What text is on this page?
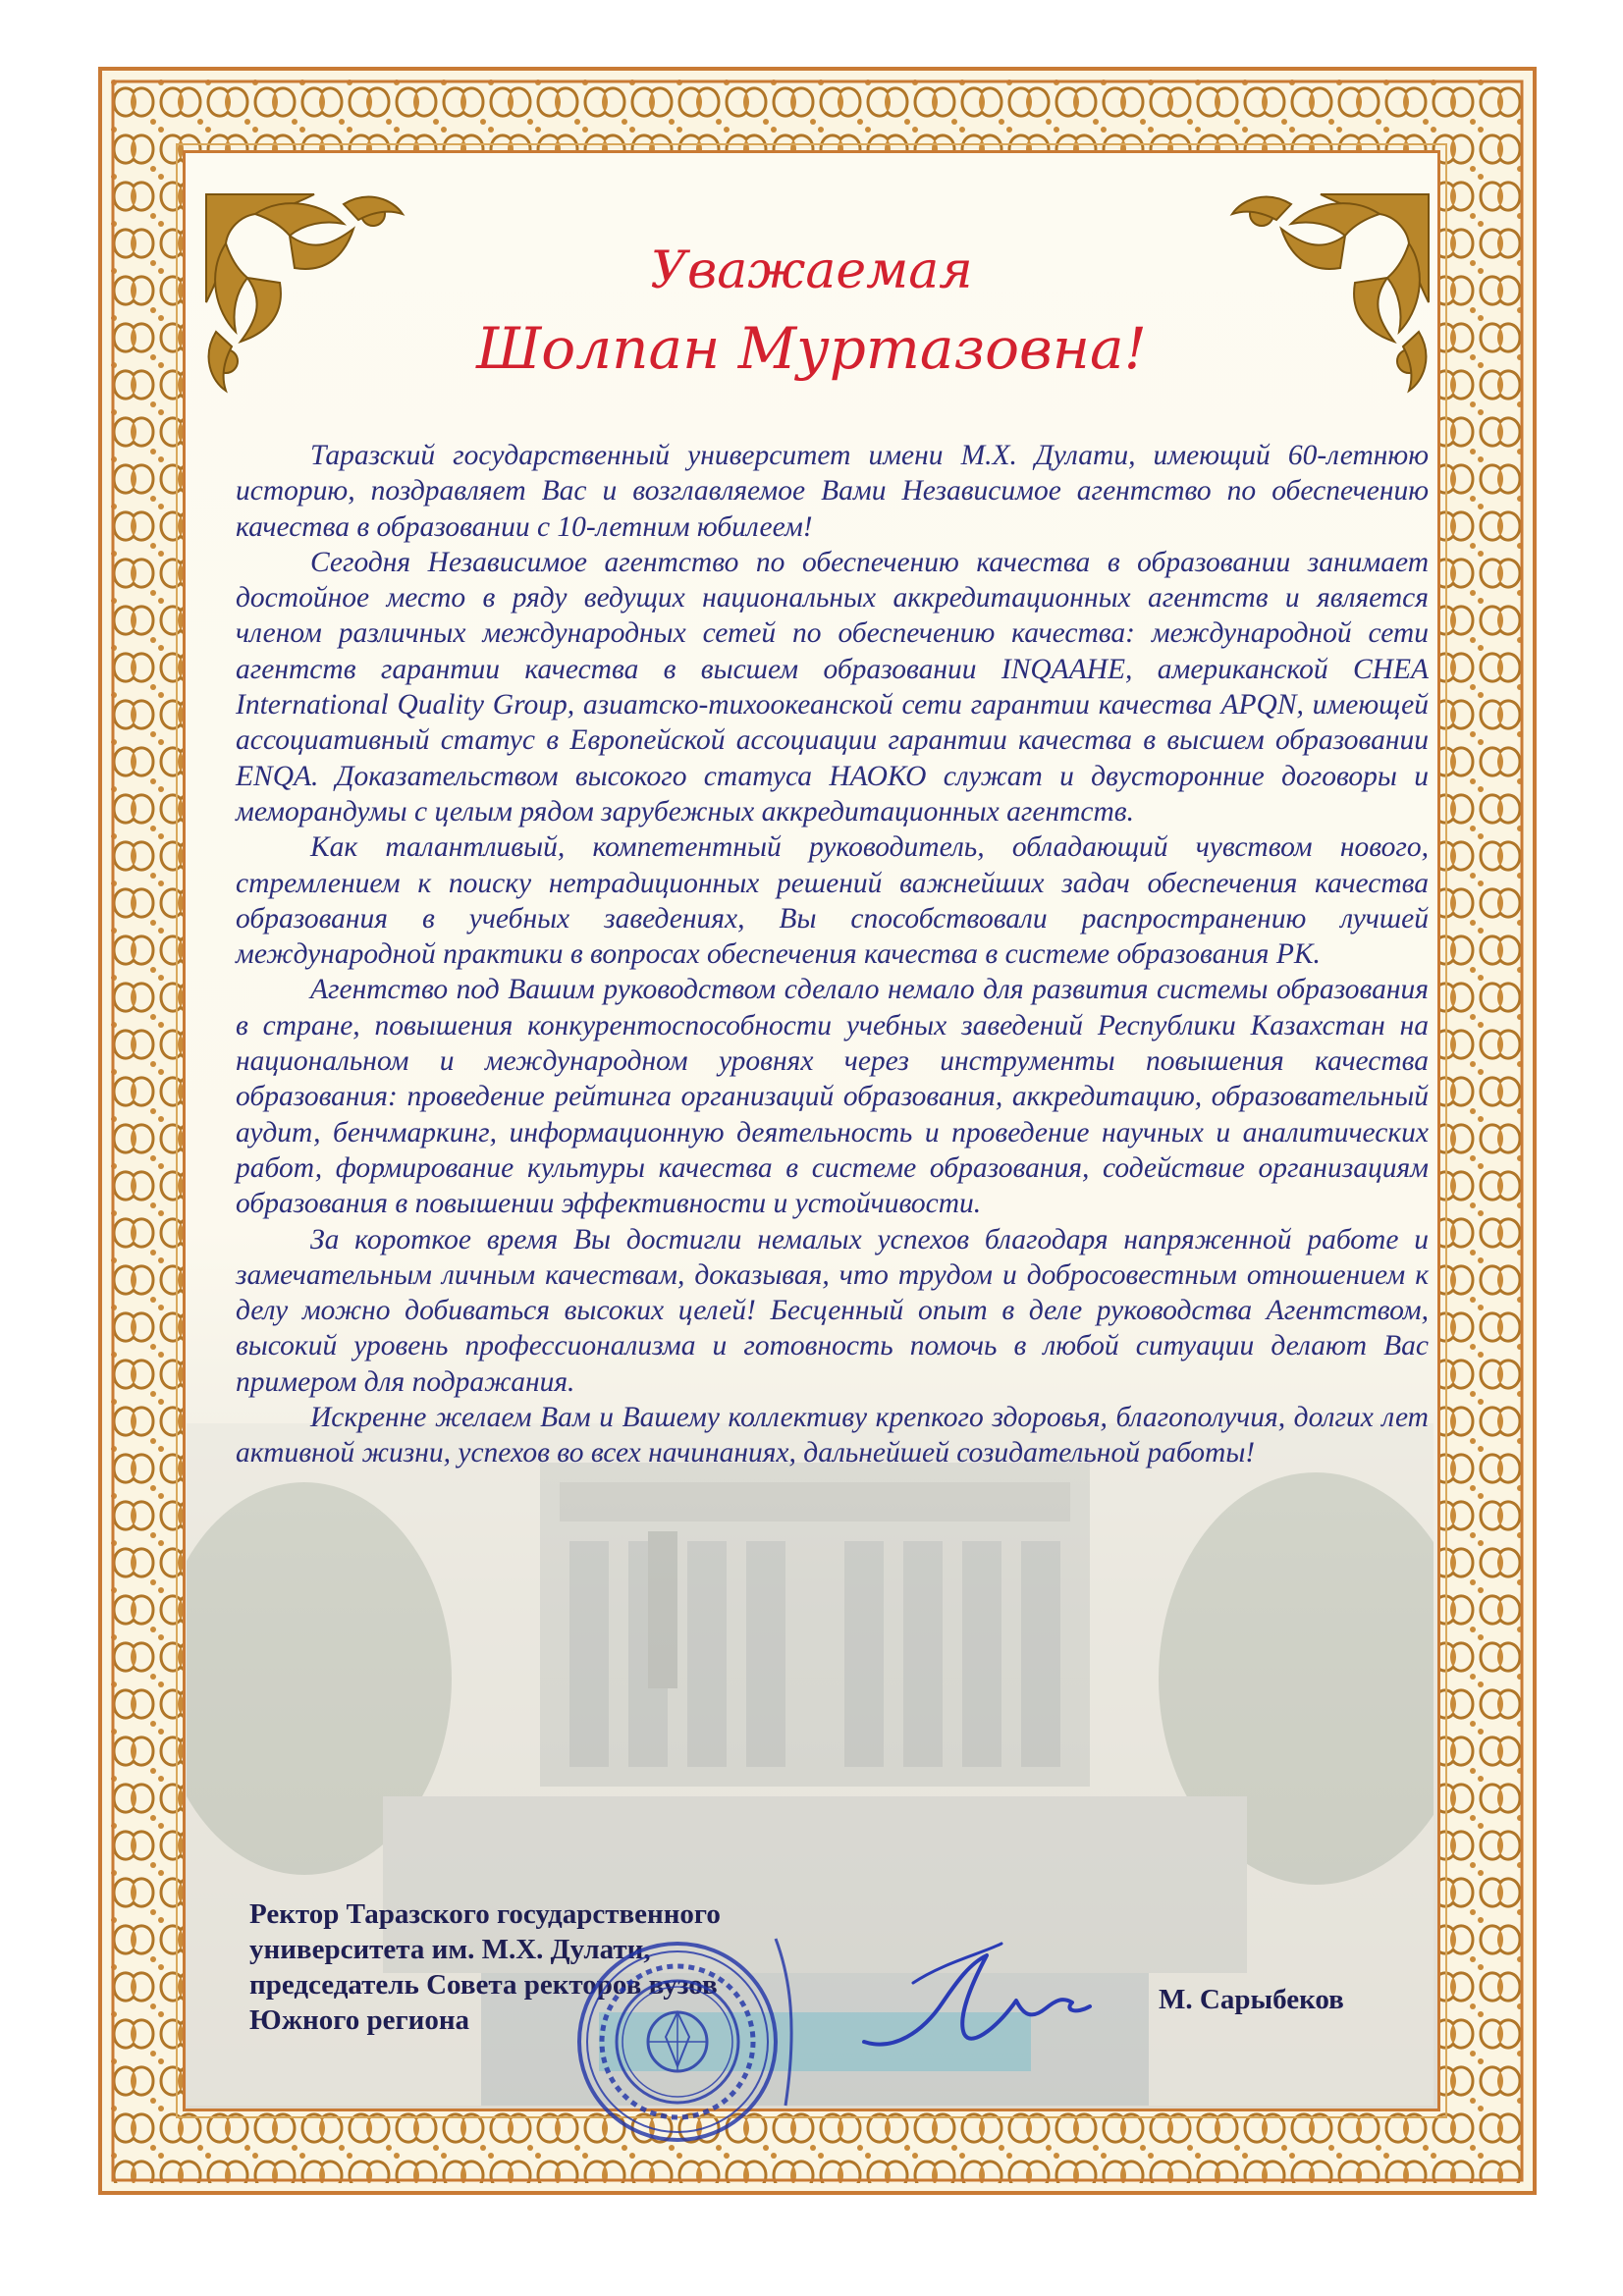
Уважаемая
Шолпан Муртазовна!

Таразский государственный университет имени М.Х. Дулати, имеющий 60-летнюю историю, поздравляет Вас и возглавляемое Вами Независимое агентство по обеспечению качества в образовании с 10-летним юбилеем!

Сегодня Независимое агентство по обеспечению качества в образовании занимает достойное место в ряду ведущих национальных аккредитационных агентств и является членом различных международных сетей по обеспечению качества: международной сети агентств гарантии качества в высшем образовании INQAAHE, американской CHEA International Quality Group, азиатско-тихоокеанской сети гарантии качества APQN, имеющей ассоциативный статус в Европейской ассоциации гарантии качества в высшем образовании ENQA. Доказательством высокого статуса НАОКО служат и двусторонние договоры и меморандумы с целым рядом зарубежных аккредитационных агентств.

Как талантливый, компетентный руководитель, обладающий чувством нового, стремлением к поиску нетрадиционных решений важнейших задач обеспечения качества образования в учебных заведениях, Вы способствовали распространению лучшей международной практики в вопросах обеспечения качества в системе образования РК.

Агентство под Вашим руководством сделало немало для развития системы образования в стране, повышения конкурентоспособности учебных заведений Республики Казахстан на национальном и международном уровнях через инструменты повышения качества образования: проведение рейтинга организаций образования, аккредитацию, образовательный аудит, бенчмаркинг, информационную деятельность и проведение научных и аналитических работ, формирование культуры качества в системе образования, содействие организациям образования в повышении эффективности и устойчивости.

За короткое время Вы достигли немалых успехов благодаря напряженной работе и замечательным личным качествам, доказывая, что трудом и добросовестным отношением к делу можно добиваться высоких целей! Бесценный опыт в деле руководства Агентством, высокий уровень профессионализма и готовность помочь в любой ситуации делают Вас примером для подражания.

Искренне желаем Вам и Вашему коллективу крепкого здоровья, благополучия, долгих лет активной жизни, успехов во всех начинаниях, дальнейшей созидательной работы!

Ректор Таразского государственного
университета им. М.Х. Дулати,
председатель Совета ректоров вузов
Южного региона
М. Сарыбеков
